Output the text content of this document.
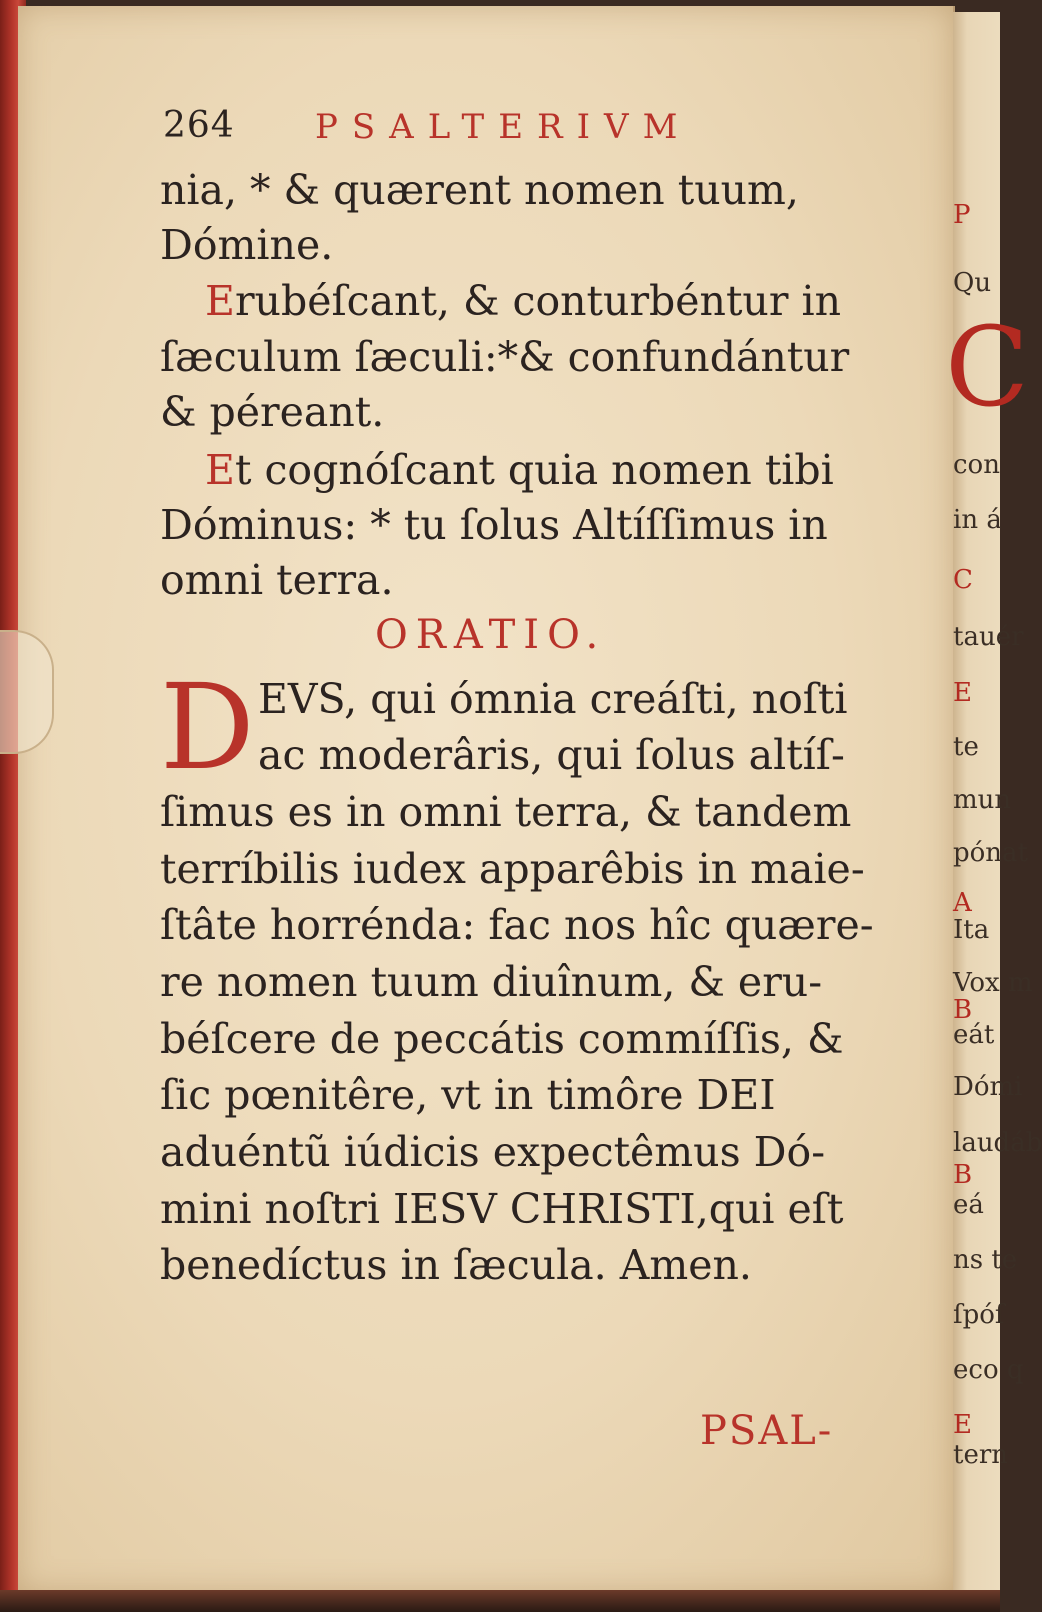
P
Qu
C
con
in á
C
tauér
E
te
mun
pónat
A
Ita
Vox m
B
eát
Dómi
laudáb
B
eá
ns te
ſpóſ
eco q
E
tern
264 PSALTERIVM
nia, * & quærent nomen tuum,
Dómine.
Erubéſcant, & conturbéntur in
ſæculum ſæculi:*& confundántur
& péreant.
Et cognóſcant quia nomen tibi
Dóminus: * tu ſolus Altíſſimus in
omni terra.
ORATIO.
D EVS, qui ómnia creáſti, noſti
ac moderâris, qui ſolus altíſ-
ſimus es in omni terra, & tandem
terríbilis iudex apparêbis in maie-
ſtâte horrénda: fac nos hîc quære-
re nomen tuum diuînum, & eru-
béſcere de peccátis commíſſis, &
ſic pœnitêre, vt in timôre DEI
aduéntũ iúdicis expectêmus Dó-
mini noſtri IESV CHRISTI,qui eſt
benedíctus in ſæcula. Amen.
PSAL-
